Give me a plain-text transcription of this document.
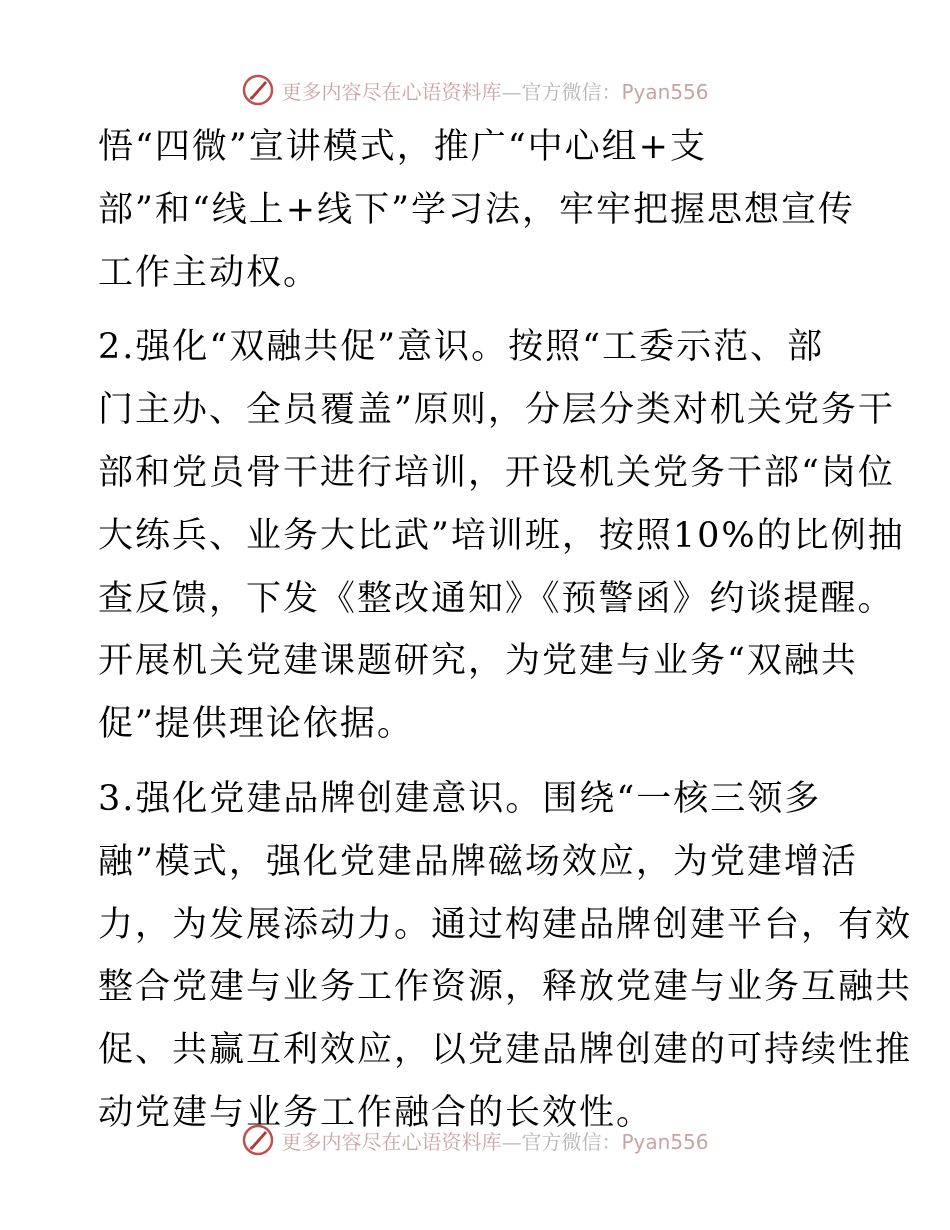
更多内容尽在心语资料库—官方微信：Pyan556

悟“四微”宣讲模式，推广“中心组+支
部”和“线上+线下”学习法，牢牢把握思想宣传
工作主动权。

2.强化“双融共促”意识。按照“工委示范、部
门主办、全员覆盖”原则，分层分类对机关党务干
部和党员骨干进行培训，开设机关党务干部“岗位
大练兵、业务大比武”培训班，按照10%的比例抽
查反馈，下发《整改通知》《预警函》约谈提醒。
开展机关党建课题研究，为党建与业务“双融共
促”提供理论依据。

3.强化党建品牌创建意识。围绕“一核三领多
融”模式，强化党建品牌磁场效应，为党建增活
力，为发展添动力。通过构建品牌创建平台，有效
整合党建与业务工作资源，释放党建与业务互融共
促、共赢互利效应，以党建品牌创建的可持续性推
动党建与业务工作融合的长效性。

更多内容尽在心语资料库—官方微信：Pyan556
